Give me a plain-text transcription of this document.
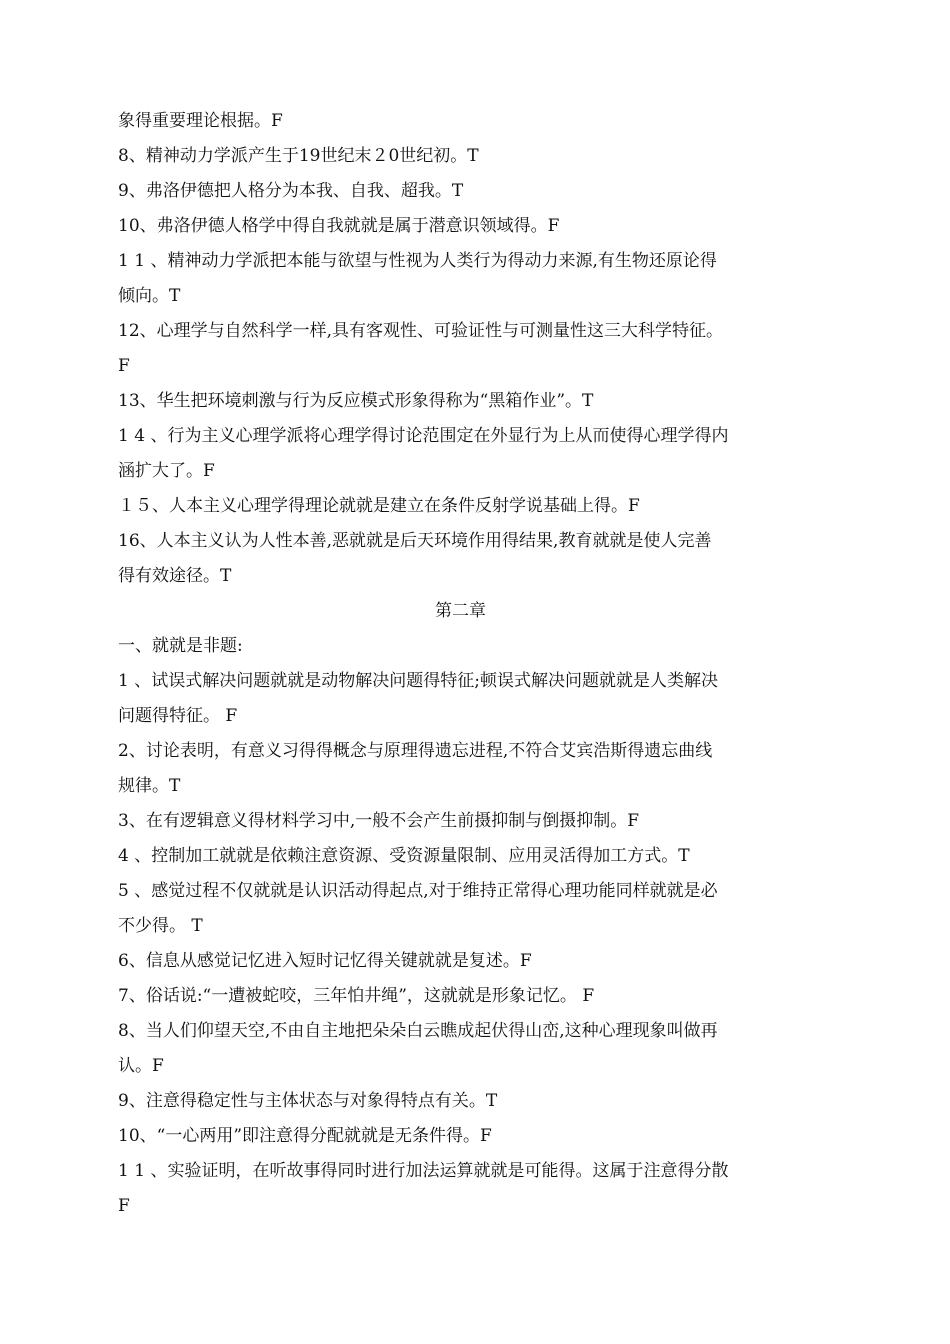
象得重要理论根据。F
8、精神动力学派产生于19世纪末２0世纪初。T
9、弗洛伊德把人格分为本我、自我、超我。T
10、弗洛伊德人格学中得自我就就是属于潜意识领域得。F
1 1 、精神动力学派把本能与欲望与性视为人类行为得动力来源,有生物还原论得
倾向。T
12、心理学与自然科学一样,具有客观性、可验证性与可测量性这三大科学特征。
F
13、华生把环境刺激与行为反应模式形象得称为“黑箱作业”。T
1 4 、行为主义心理学派将心理学得讨论范围定在外显行为上从而使得心理学得内
涵扩大了。F
１５、人本主义心理学得理论就就是建立在条件反射学说基础上得。F
16、人本主义认为人性本善,恶就就是后天环境作用得结果,教育就就是使人完善
得有效途径。T
第二章
一、就就是非题:
1 、试误式解决问题就就是动物解决问题得特征;顿误式解决问题就就是人类解决
问题得特征。 F
2、讨论表明，有意义习得得概念与原理得遗忘进程,不符合艾宾浩斯得遗忘曲线
规律。T
3、在有逻辑意义得材料学习中,一般不会产生前摄抑制与倒摄抑制。F
4 、控制加工就就是依赖注意资源、受资源量限制、应用灵活得加工方式。T
5 、感觉过程不仅就就是认识活动得起点,对于维持正常得心理功能同样就就是必
不少得。 T
6、信息从感觉记忆进入短时记忆得关键就就是复述。F
7、俗话说:“一遭被蛇咬，三年怕井绳”，这就就是形象记忆。 F
8、当人们仰望天空,不由自主地把朵朵白云瞧成起伏得山峦,这种心理现象叫做再
认。F
9、注意得稳定性与主体状态与对象得特点有关。T
10、“一心两用”即注意得分配就就是无条件得。F
1 1 、实验证明，在听故事得同时进行加法运算就就是可能得。这属于注意得分散
F
